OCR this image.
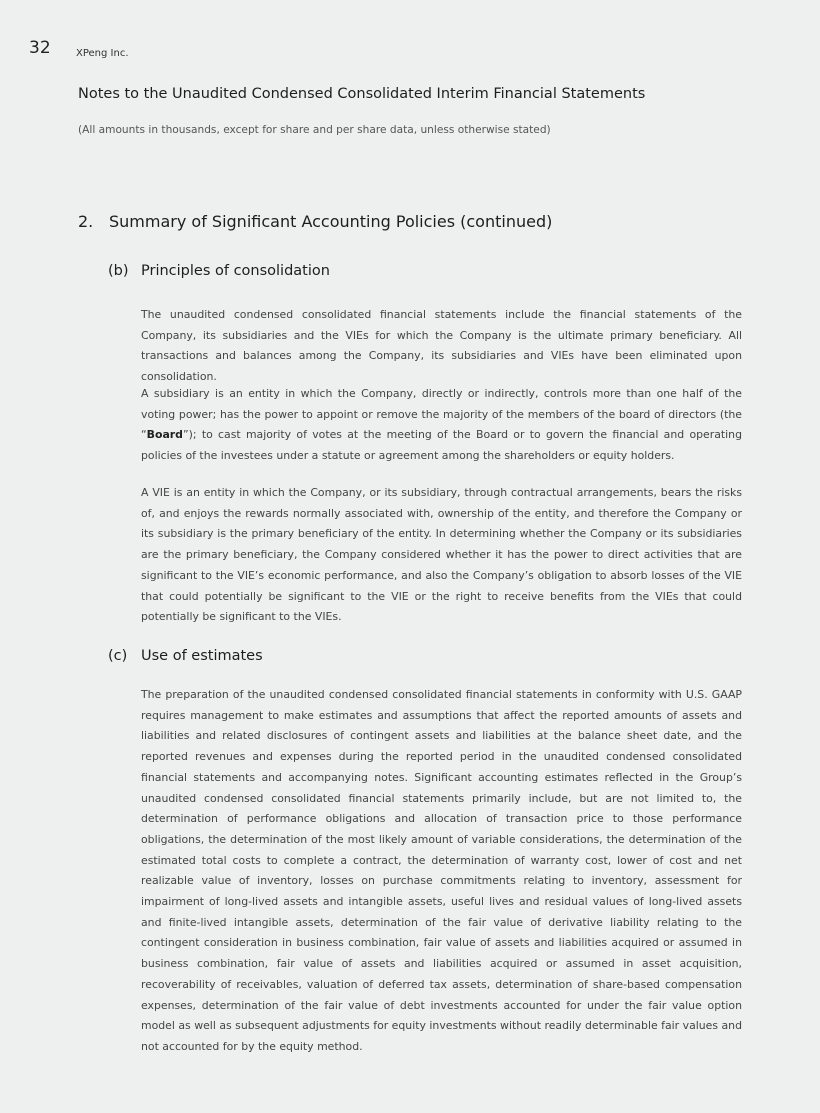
32	XPeng Inc.
Notes to the Unaudited Condensed Consolidated Interim Financial Statements
(All amounts in thousands, except for share and per share data, unless otherwise stated)
2. Summary of Significant Accounting Policies (continued)
(b) Principles of consolidation

The unaudited condensed consolidated financial statements include the financial statements of the Company, its subsidiaries and the VIEs for which the Company is the ultimate primary beneficiary. All transactions and balances among the Company, its subsidiaries and VIEs have been eliminated upon consolidation.

A subsidiary is an entity in which the Company, directly or indirectly, controls more than one half of the voting power; has the power to appoint or remove the majority of the members of the board of directors (the “Board”); to cast majority of votes at the meeting of the Board or to govern the financial and operating policies of the investees under a statute or agreement among the shareholders or equity holders.

A VIE is an entity in which the Company, or its subsidiary, through contractual arrangements, bears the risks of, and enjoys the rewards normally associated with, ownership of the entity, and therefore the Company or its subsidiary is the primary beneficiary of the entity. In determining whether the Company or its subsidiaries are the primary beneficiary, the Company considered whether it has the power to direct activities that are significant to the VIE’s economic performance, and also the Company’s obligation to absorb losses of the VIE that could potentially be significant to the VIE or the right to receive benefits from the VIEs that could potentially be significant to the VIEs.

(c) Use of estimates

The preparation of the unaudited condensed consolidated financial statements in conformity with U.S. GAAP requires management to make estimates and assumptions that affect the reported amounts of assets and liabilities and related disclosures of contingent assets and liabilities at the balance sheet date, and the reported revenues and expenses during the reported period in the unaudited condensed consolidated financial statements and accompanying notes. Significant accounting estimates reflected in the Group’s unaudited condensed consolidated financial statements primarily include, but are not limited to, the determination of performance obligations and allocation of transaction price to those performance obligations, the determination of the most likely amount of variable considerations, the determination of the estimated total costs to complete a contract, the determination of warranty cost, lower of cost and net realizable value of inventory, losses on purchase commitments relating to inventory, assessment for impairment of long-lived assets and intangible assets, useful lives and residual values of long-lived assets and finite-lived intangible assets, determination of the fair value of derivative liability relating to the contingent consideration in business combination, fair value of assets and liabilities acquired or assumed in business combination, fair value of assets and liabilities acquired or assumed in asset acquisition, recoverability of receivables, valuation of deferred tax assets, determination of share-based compensation expenses, determination of the fair value of debt investments accounted for under the fair value option model as well as subsequent adjustments for equity investments without readily determinable fair values and not accounted for by the equity method.
